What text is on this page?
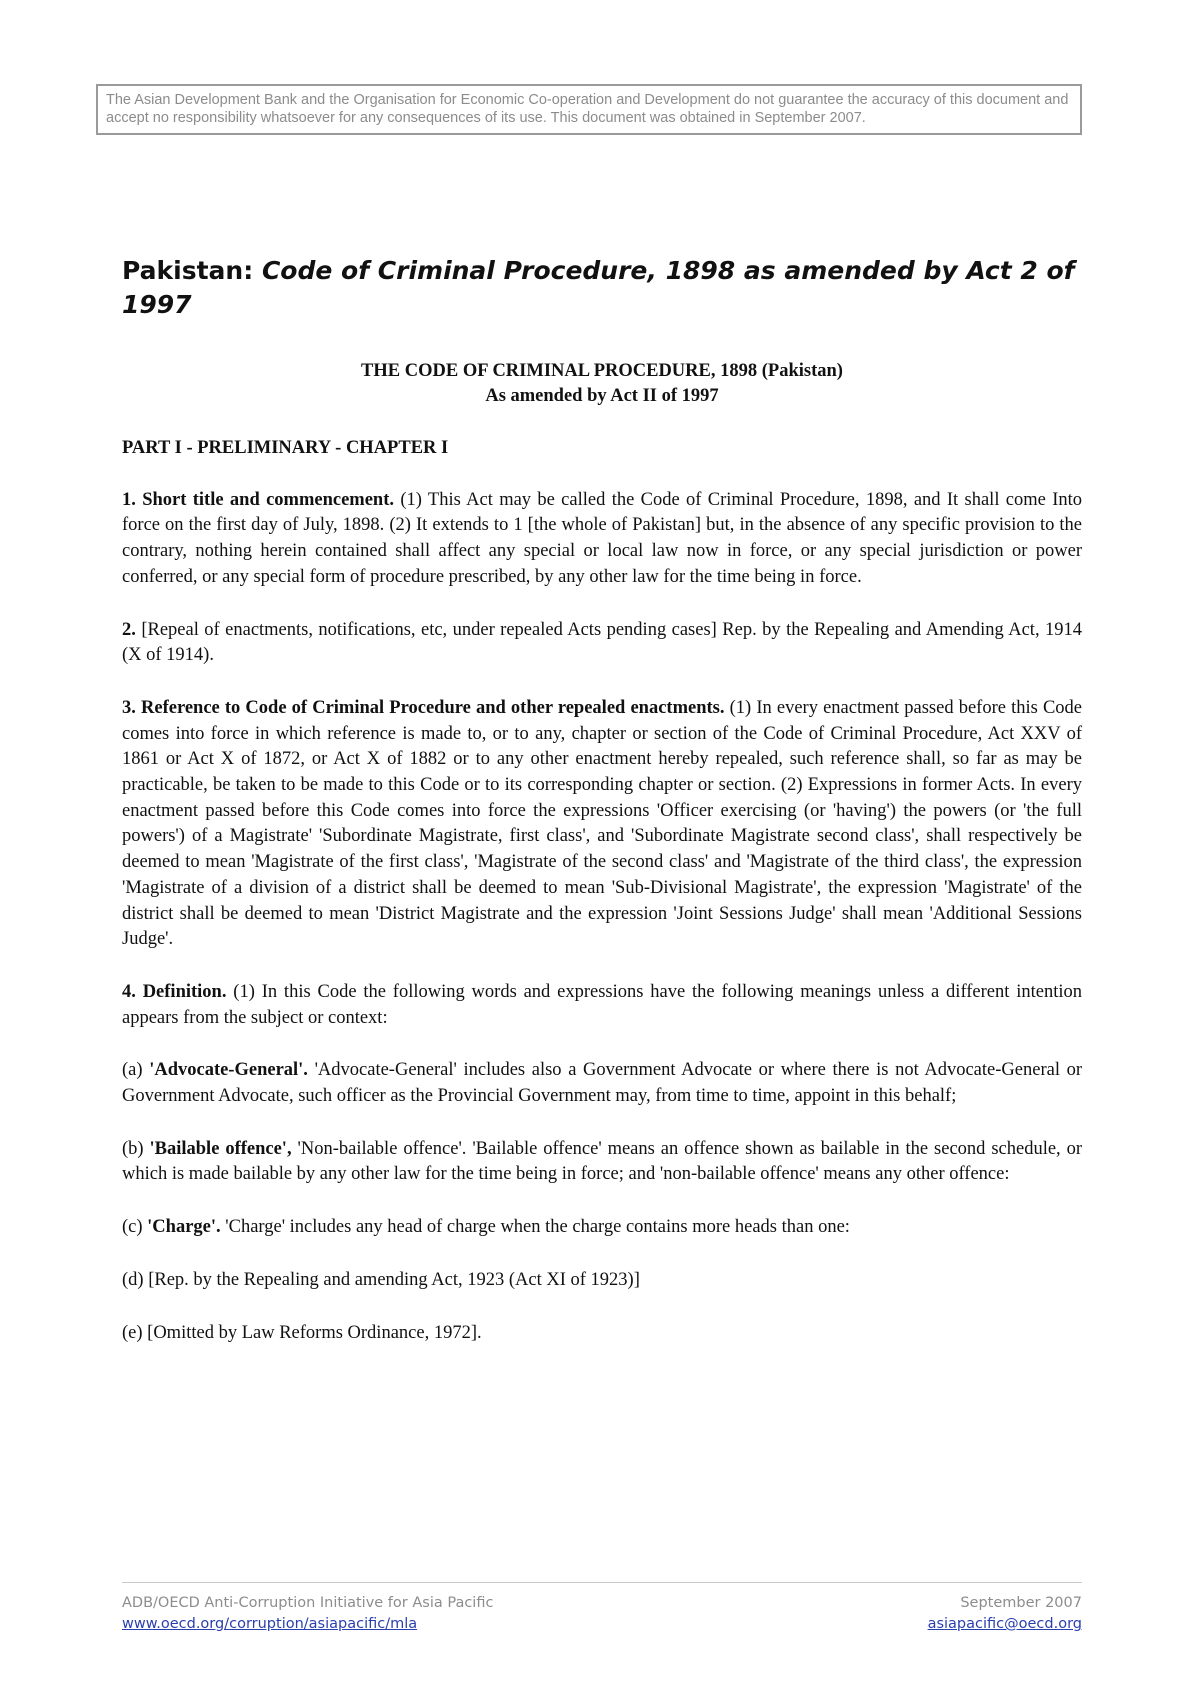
The Asian Development Bank and the Organisation for Economic Co-operation and Development do not guarantee the accuracy of this document and accept no responsibility whatsoever for any consequences of its use. This document was obtained in September 2007.
Pakistan: Code of Criminal Procedure, 1898 as amended by Act 2 of 1997
THE CODE OF CRIMINAL PROCEDURE, 1898 (Pakistan)
As amended by Act II of 1997

PART I - PRELIMINARY - CHAPTER I

1. Short title and commencement. (1) This Act may be called the Code of Criminal Procedure, 1898, and It shall come Into force on the first day of July, 1898. (2) It extends to 1 [the whole of Pakistan] but, in the absence of any specific provision to the contrary, nothing herein contained shall affect any special or local law now in force, or any special jurisdiction or power conferred, or any special form of procedure prescribed, by any other law for the time being in force.

2. [Repeal of enactments, notifications, etc, under repealed Acts pending cases] Rep. by the Repealing and Amending Act, 1914 (X of 1914).

3. Reference to Code of Criminal Procedure and other repealed enactments. (1) In every enactment passed before this Code comes into force in which reference is made to, or to any, chapter or section of the Code of Criminal Procedure, Act XXV of 1861 or Act X of 1872, or Act X of 1882 or to any other enactment hereby repealed, such reference shall, so far as may be practicable, be taken to be made to this Code or to its corresponding chapter or section. (2) Expressions in former Acts. In every enactment passed before this Code comes into force the expressions 'Officer exercising (or 'having') the powers (or 'the full powers') of a Magistrate' 'Subordinate Magistrate, first class', and 'Subordinate Magistrate second class', shall respectively be deemed to mean 'Magistrate of the first class', 'Magistrate of the second class' and 'Magistrate of the third class', the expression 'Magistrate of a division of a district shall be deemed to mean 'Sub-Divisional Magistrate', the expression 'Magistrate' of the district shall be deemed to mean 'District Magistrate and the expression 'Joint Sessions Judge' shall mean 'Additional Sessions Judge'.

4. Definition. (1) In this Code the following words and expressions have the following meanings unless a different intention appears from the subject or context:

(a) 'Advocate-General'. 'Advocate-General' includes also a Government Advocate or where there is not Advocate-General or Government Advocate, such officer as the Provincial Government may, from time to time, appoint in this behalf;

(b) 'Bailable offence', 'Non-bailable offence'. 'Bailable offence' means an offence shown as bailable in the second schedule, or which is made bailable by any other law for the time being in force; and 'non-bailable offence' means any other offence:

(c) 'Charge'. 'Charge' includes any head of charge when the charge contains more heads than one:

(d) [Rep. by the Repealing and amending Act, 1923 (Act XI of 1923)]

(e) [Omitted by Law Reforms Ordinance, 1972].

ADB/OECD Anti-Corruption Initiative for Asia Pacific	September 2007
www.oecd.org/corruption/asiapacific/mla	asiapacific@oecd.org
